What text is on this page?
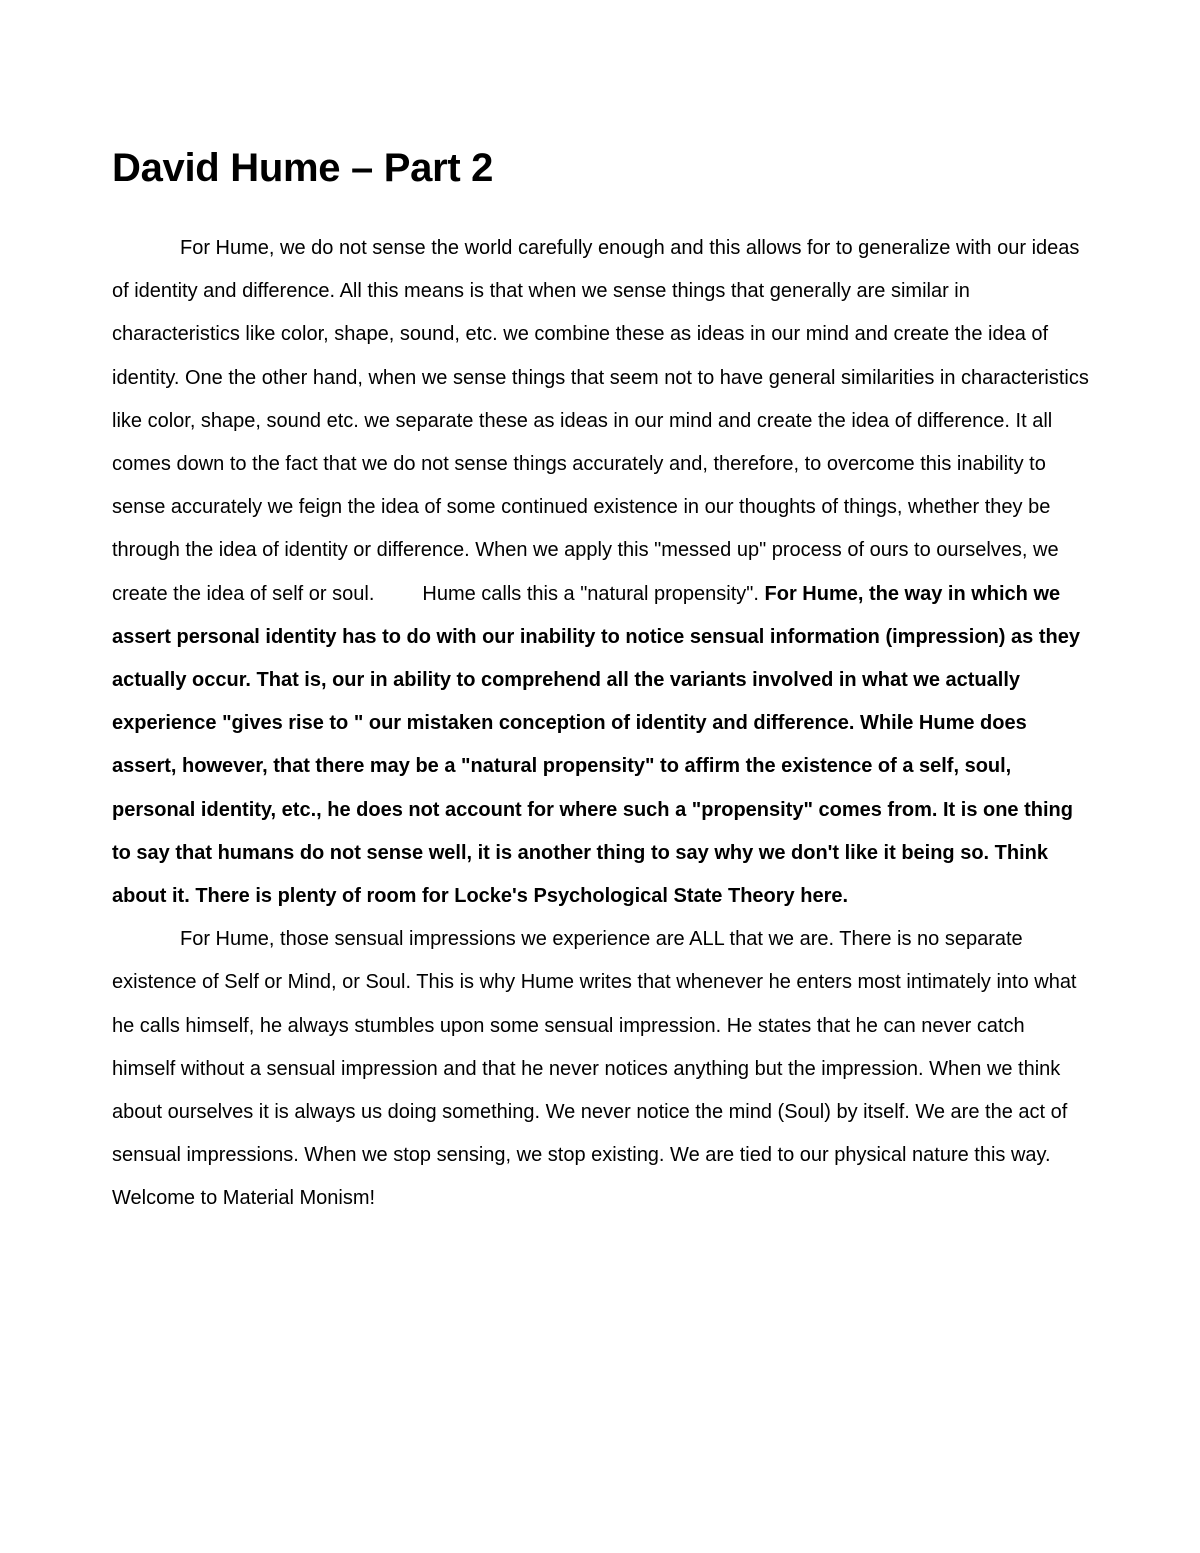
David Hume – Part 2

For Hume, we do not sense the world carefully enough and this allows for to generalize with our ideas of identity and difference. All this means is that when we sense things that generally are similar in characteristics like color, shape, sound, etc. we combine these as ideas in our mind and create the idea of identity. One the other hand, when we sense things that seem not to have general similarities in characteristics like color, shape, sound etc. we separate these as ideas in our mind and create the idea of difference. It all comes down to the fact that we do not sense things accurately and, therefore, to overcome this inability to sense accurately we feign the idea of some continued existence in our thoughts of things, whether they be through the idea of identity or difference. When we apply this "messed up" process of ours to ourselves, we create the idea of self or soul. Hume calls this a "natural propensity". For Hume, the way in which we assert personal identity has to do with our inability to notice sensual information (impression) as they actually occur. That is, our in ability to comprehend all the variants involved in what we actually experience "gives rise to " our mistaken conception of identity and difference. While Hume does assert, however, that there may be a "natural propensity" to affirm the existence of a self, soul, personal identity, etc., he does not account for where such a "propensity" comes from. It is one thing to say that humans do not sense well, it is another thing to say why we don't like it being so. Think about it. There is plenty of room for Locke's Psychological State Theory here.

For Hume, those sensual impressions we experience are ALL that we are. There is no separate existence of Self or Mind, or Soul. This is why Hume writes that whenever he enters most intimately into what he calls himself, he always stumbles upon some sensual impression. He states that he can never catch himself without a sensual impression and that he never notices anything but the impression. When we think about ourselves it is always us doing something. We never notice the mind (Soul) by itself. We are the act of sensual impressions. When we stop sensing, we stop existing. We are tied to our physical nature this way. Welcome to Material Monism!
